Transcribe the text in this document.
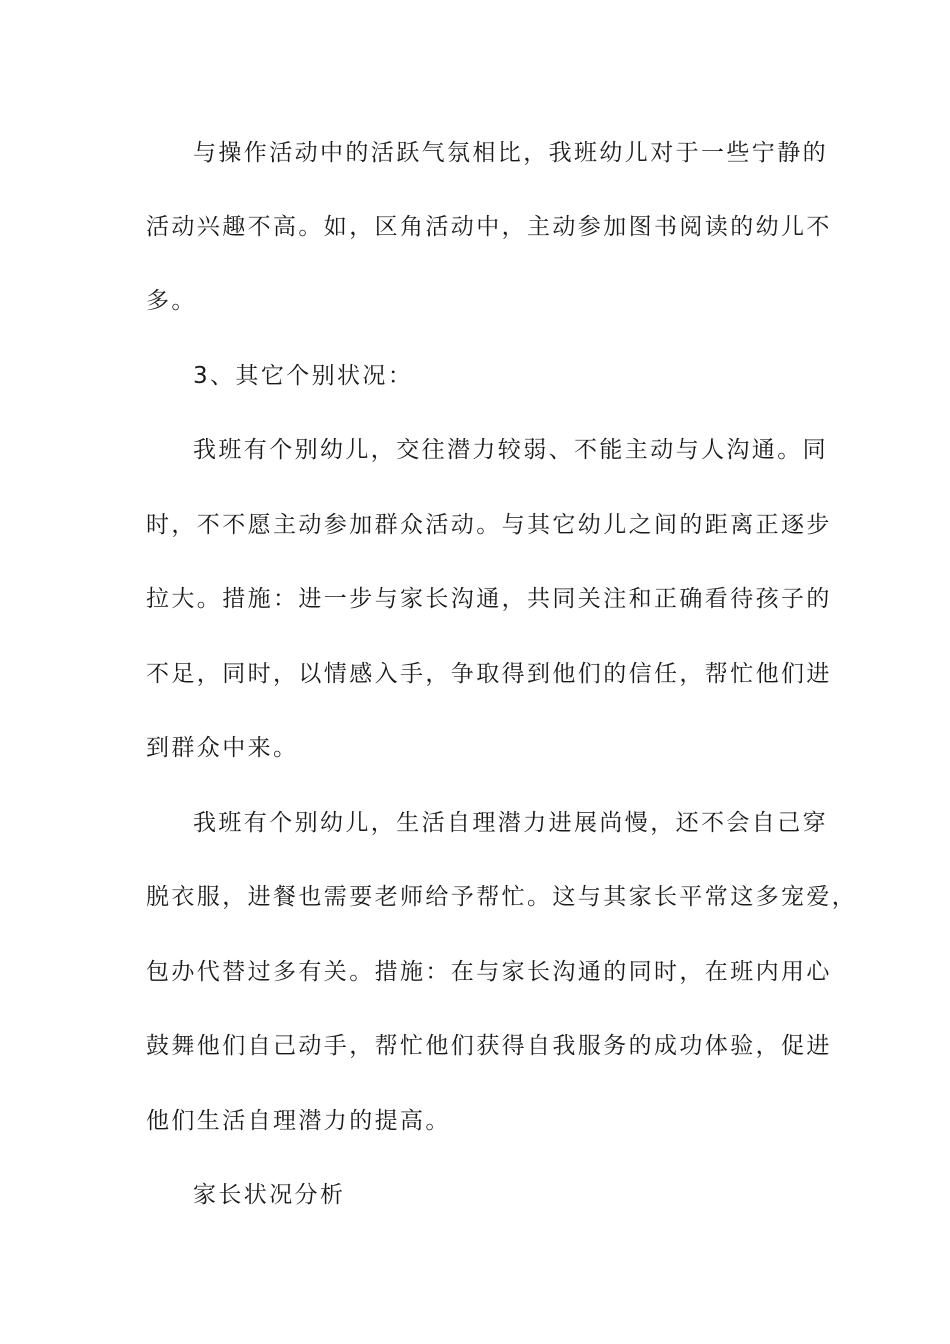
与操作活动中的活跃气氛相比，我班幼儿对于一些宁静的
活动兴趣不高。如，区角活动中，主动参加图书阅读的幼儿不
多。
3、其它个别状况：
我班有个别幼儿，交往潜力较弱、不能主动与人沟通。同
时，不不愿主动参加群众活动。与其它幼儿之间的距离正逐步
拉大。措施：进一步与家长沟通，共同关注和正确看待孩子的
不足，同时，以情感入手，争取得到他们的信任，帮忙他们进
到群众中来。
我班有个别幼儿，生活自理潜力进展尚慢，还不会自己穿
脱衣服，进餐也需要老师给予帮忙。这与其家长平常这多宠爱，
包办代替过多有关。措施：在与家长沟通的同时，在班内用心
鼓舞他们自己动手，帮忙他们获得自我服务的成功体验，促进
他们生活自理潜力的提高。
家长状况分析
